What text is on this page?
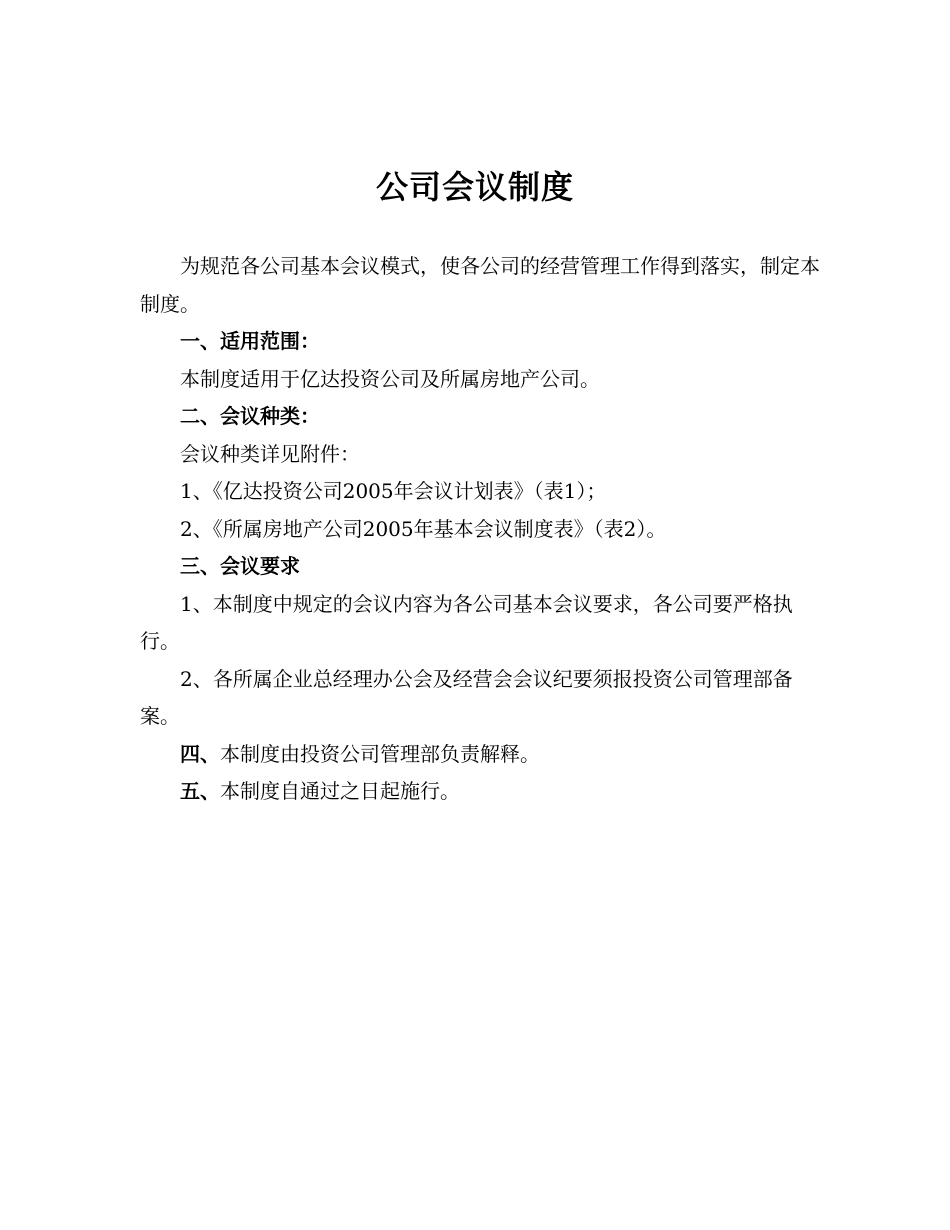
公司会议制度

为规范各公司基本会议模式，使各公司的经营管理工作得到落实，制定本制度。

一、适用范围：

本制度适用于亿达投资公司及所属房地产公司。

二、会议种类：

会议种类详见附件：

1、《亿达投资公司2005年会议计划表》（表1）；

2、《所属房地产公司2005年基本会议制度表》（表2）。

三、会议要求

1、本制度中规定的会议内容为各公司基本会议要求，各公司要严格执行。

2、各所属企业总经理办公会及经营会会议纪要须报投资公司管理部备案。

四、本制度由投资公司管理部负责解释。

五、本制度自通过之日起施行。
